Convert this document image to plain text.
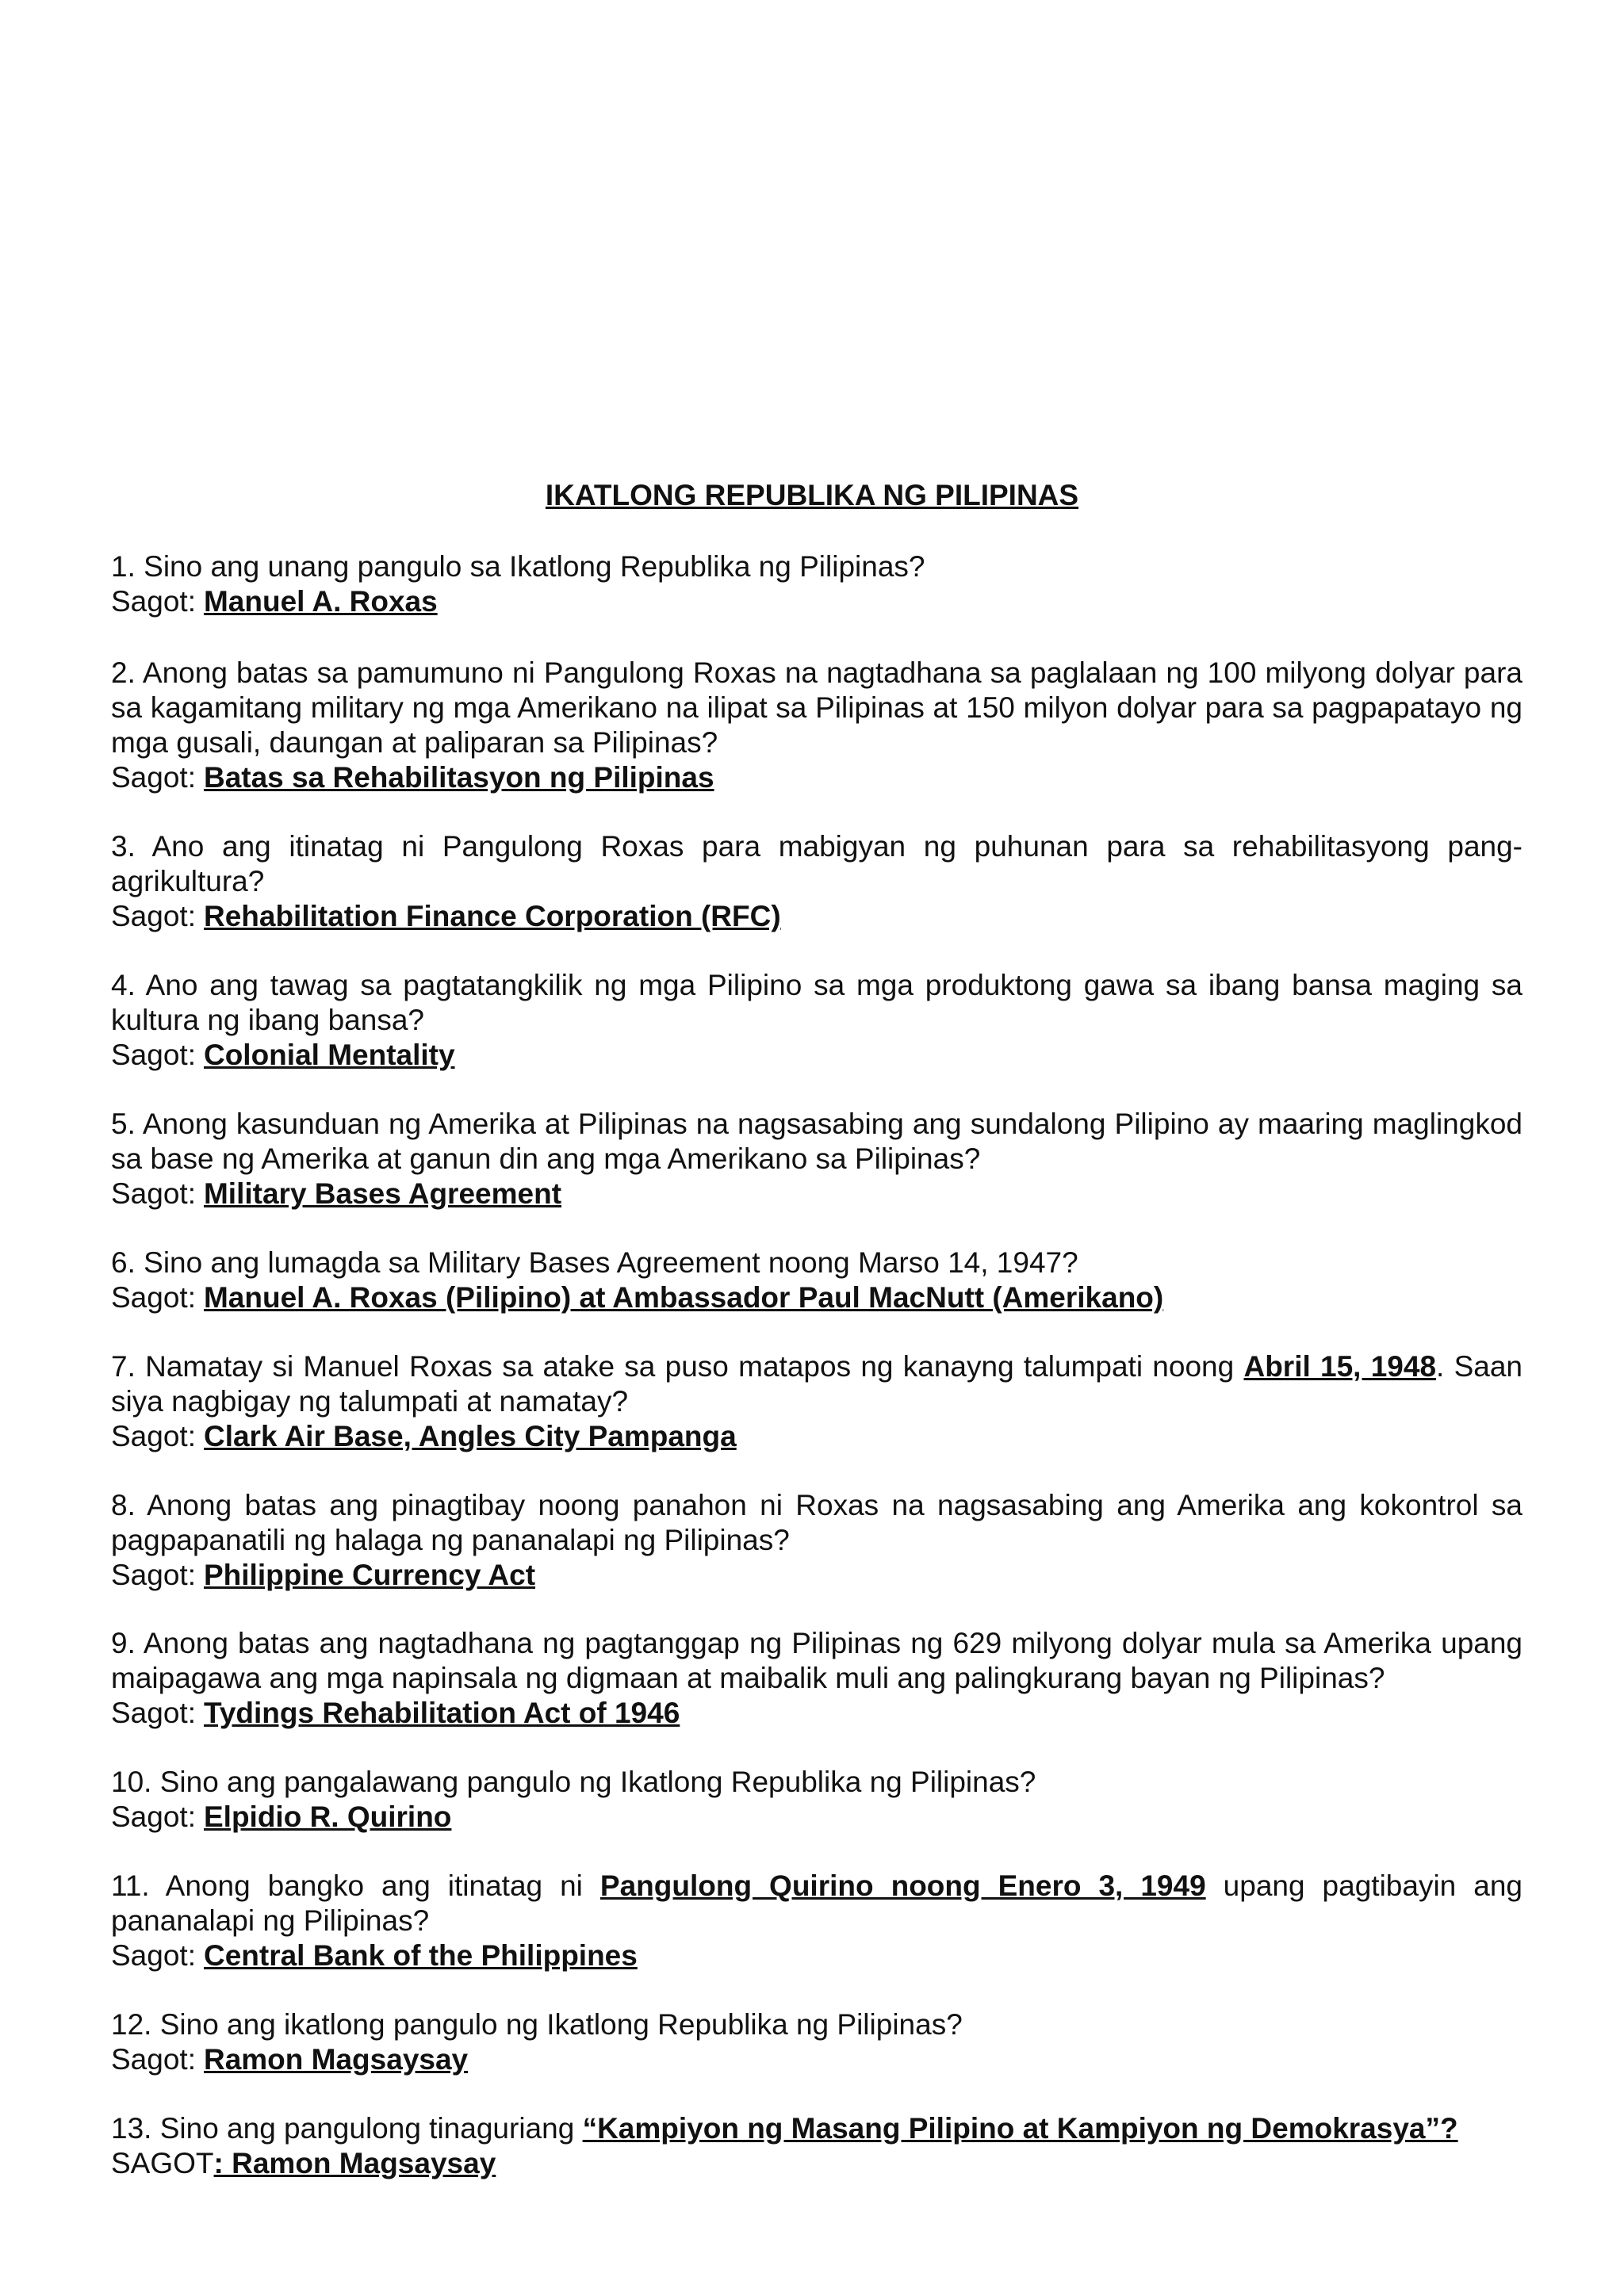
IKATLONG REPUBLIKA NG PILIPINAS
1. Sino ang unang pangulo sa Ikatlong Republika ng Pilipinas?
Sagot: Manuel A. Roxas
2. Anong batas sa pamumuno ni Pangulong Roxas na nagtadhana sa paglalaan ng 100 milyong dolyar para sa kagamitang military ng mga Amerikano na ilipat sa Pilipinas at 150 milyon dolyar para sa pagpapatayo ng mga gusali, daungan at paliparan sa Pilipinas?
Sagot: Batas sa Rehabilitasyon ng Pilipinas
3. Ano ang itinatag ni Pangulong Roxas para mabigyan ng puhunan para sa rehabilitasyong pang-agrikultura?
Sagot: Rehabilitation Finance Corporation (RFC)
4. Ano ang tawag sa pagtatangkilik ng mga Pilipino sa mga produktong gawa sa ibang bansa maging sa kultura ng ibang bansa?
Sagot: Colonial Mentality
5. Anong kasunduan ng Amerika at Pilipinas na nagsasabing ang sundalong Pilipino ay maaring maglingkod sa base ng Amerika at ganun din ang mga Amerikano sa Pilipinas?
Sagot: Military Bases Agreement
6. Sino ang lumagda sa Military Bases Agreement noong Marso 14, 1947?
Sagot: Manuel A. Roxas (Pilipino) at Ambassador Paul MacNutt (Amerikano)
7. Namatay si Manuel Roxas sa atake sa puso matapos ng kanayng talumpati noong Abril 15, 1948. Saan siya nagbigay ng talumpati at namatay?
Sagot: Clark Air Base, Angles City Pampanga
8. Anong batas ang pinagtibay noong panahon ni Roxas na nagsasabing ang Amerika ang kokontrol sa pagpapanatili ng halaga ng pananalapi ng Pilipinas?
Sagot: Philippine Currency Act
9. Anong batas ang nagtadhana ng pagtanggap ng Pilipinas ng 629 milyong dolyar mula sa Amerika upang maipagawa ang mga napinsala ng digmaan at maibalik muli ang palingkurang bayan ng Pilipinas?
Sagot: Tydings Rehabilitation Act of 1946
10. Sino ang pangalawang pangulo ng Ikatlong Republika ng Pilipinas?
Sagot: Elpidio R. Quirino
11. Anong bangko ang itinatag ni Pangulong Quirino noong Enero 3, 1949 upang pagtibayin ang pananalapi ng Pilipinas?
Sagot: Central Bank of the Philippines
12. Sino ang ikatlong pangulo ng Ikatlong Republika ng Pilipinas?
Sagot: Ramon Magsaysay
13. Sino ang pangulong tinaguriang “Kampiyon ng Masang Pilipino at Kampiyon ng Demokrasya”?
SAGOT: Ramon Magsaysay
